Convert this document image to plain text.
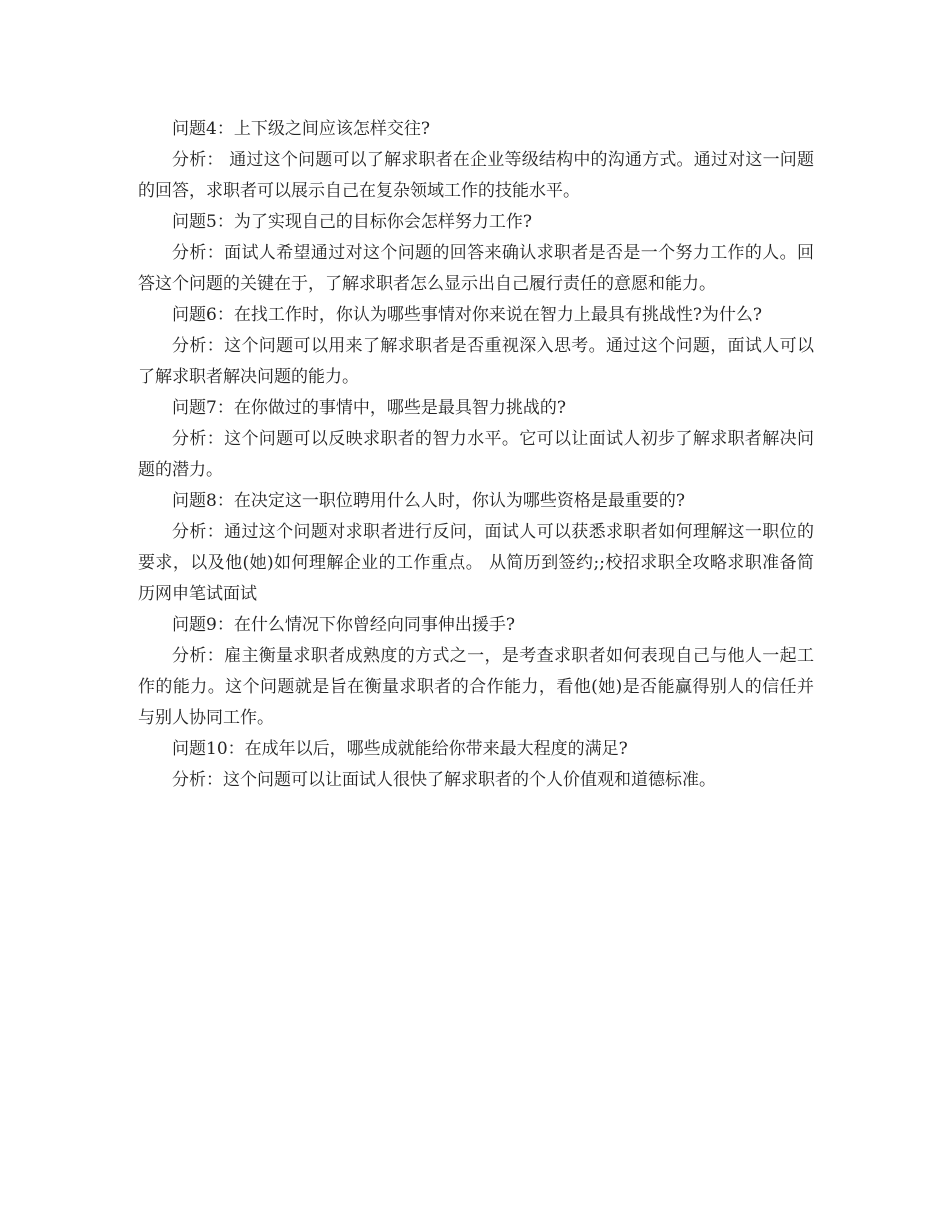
问题4：上下级之间应该怎样交往?

分析： 通过这个问题可以了解求职者在企业等级结构中的沟通方式。通过对这一问题的回答，求职者可以展示自己在复杂领域工作的技能水平。

问题5：为了实现自己的目标你会怎样努力工作?

分析：面试人希望通过对这个问题的回答来确认求职者是否是一个努力工作的人。回答这个问题的关键在于，了解求职者怎么显示出自己履行责任的意愿和能力。

问题6：在找工作时，你认为哪些事情对你来说在智力上最具有挑战性?为什么?

分析：这个问题可以用来了解求职者是否重视深入思考。通过这个问题，面试人可以了解求职者解决问题的能力。

问题7：在你做过的事情中，哪些是最具智力挑战的?

分析：这个问题可以反映求职者的智力水平。它可以让面试人初步了解求职者解决问题的潜力。

问题8：在决定这一职位聘用什么人时，你认为哪些资格是最重要的?

分析：通过这个问题对求职者进行反问，面试人可以获悉求职者如何理解这一职位的要求，以及他(她)如何理解企业的工作重点。 从简历到签约;;校招求职全攻略求职准备简历网申笔试面试

问题9：在什么情况下你曾经向同事伸出援手?

分析：雇主衡量求职者成熟度的方式之一，是考查求职者如何表现自己与他人一起工作的能力。这个问题就是旨在衡量求职者的合作能力，看他(她)是否能赢得别人的信任并与别人协同工作。

问题10：在成年以后，哪些成就能给你带来最大程度的满足?

分析：这个问题可以让面试人很快了解求职者的个人价值观和道德标准。
